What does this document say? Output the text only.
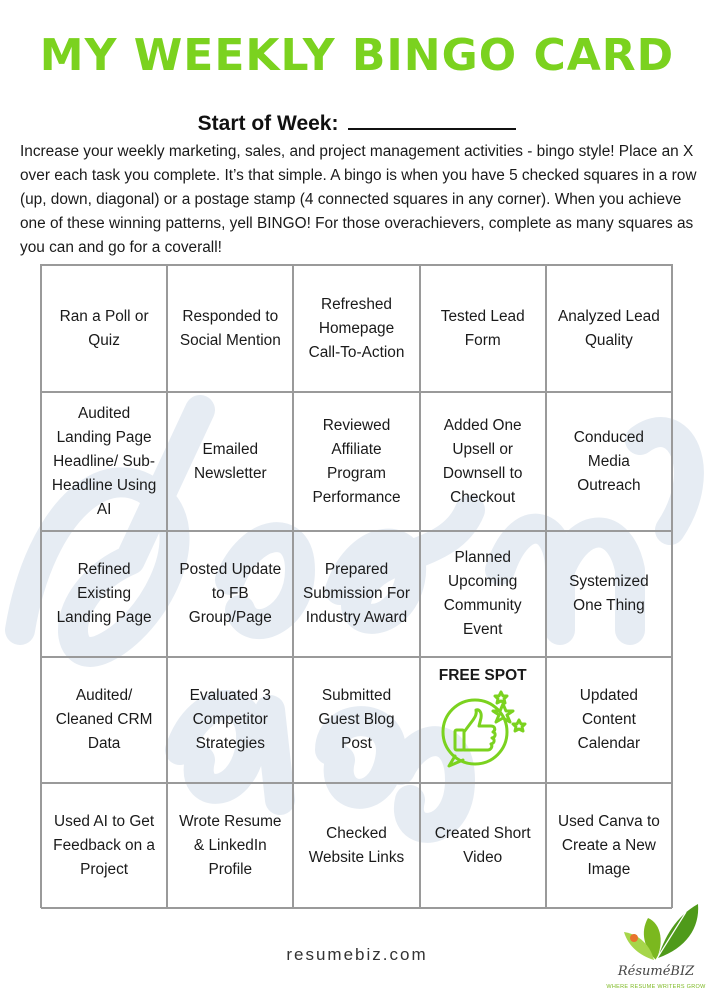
MY WEEKLY BINGO CARD
Start of Week:

Increase your weekly marketing, sales, and project management activities - bingo style! Place an X over each task you complete. It’s that simple. A bingo is when you have 5 checked squares in a row (up, down, diagonal) or a postage stamp (4 connected squares in any corner). When you achieve one of these winning patterns, yell BINGO! For those overachievers, complete as many squares as you can and go for a coverall!

Ran a Poll or Quiz
Responded to Social Mention
Refreshed Homepage Call-To-Action
Tested Lead Form
Analyzed Lead Quality
Audited Landing Page Headline/ Sub-Headline Using AI
Emailed Newsletter
Reviewed Affiliate Program Performance
Added One Upsell or Downsell to Checkout
Conduced Media Outreach
Refined Existing Landing Page
Posted Update to FB Group/Page
Prepared Submission For Industry Award
Planned Upcoming Community Event
Systemized One Thing
Audited/ Cleaned CRM Data
Evaluated 3 Competitor Strategies
Submitted Guest Blog Post
FREE SPOT
Updated Content Calendar
Used AI to Get Feedback on a Project
Wrote Resume & LinkedIn Profile
Checked Website Links
Created Short Video
Used Canva to Create a New Image
resumebiz.com
RésuméBIZ
WHERE RESUME WRITERS GROW
